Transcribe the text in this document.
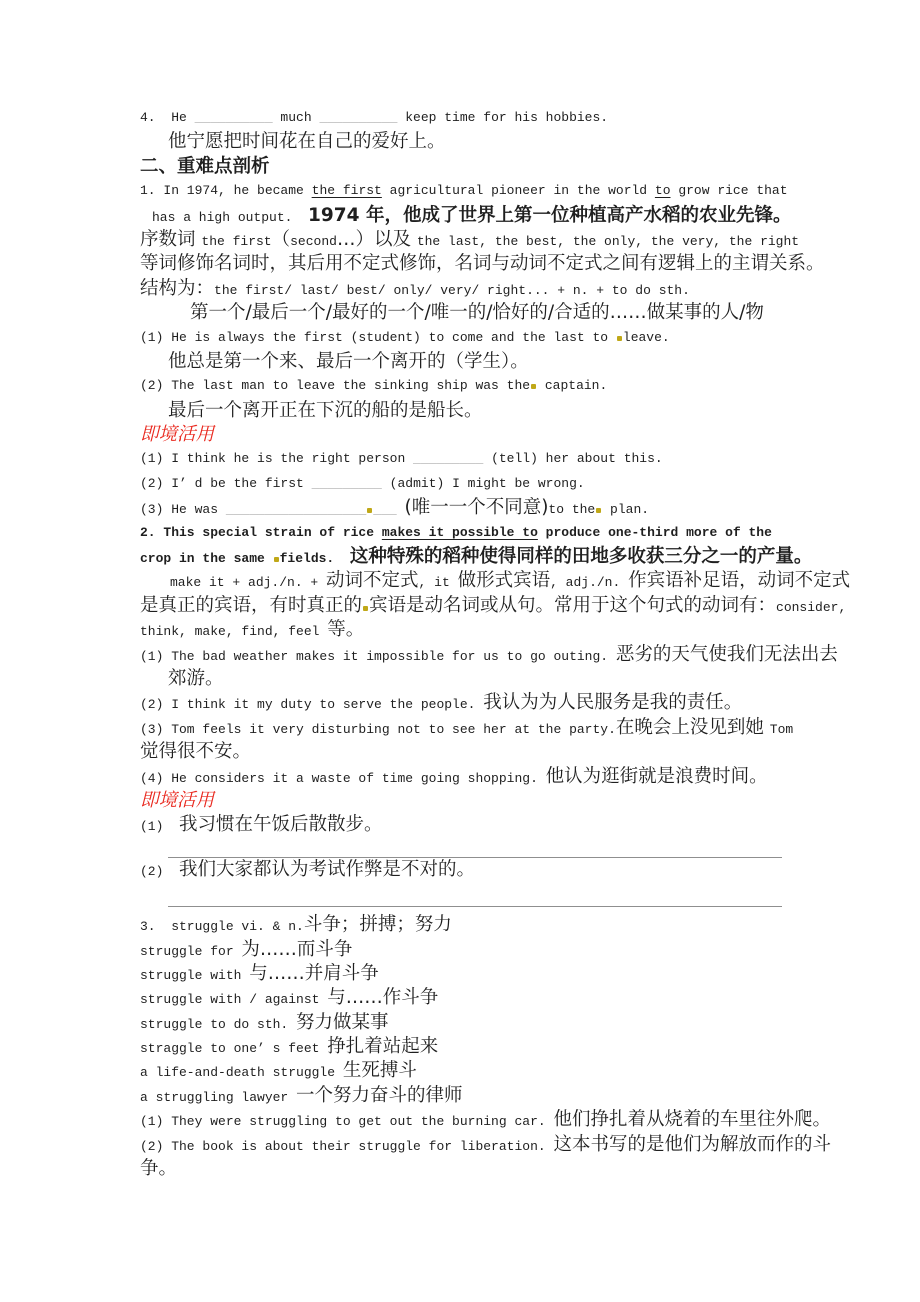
4.  He __________ much __________ keep time for his hobbies.
他宁愿把时间花在自己的爱好上。
二、重难点剖析
1. In 1974, he became the first agricultural pioneer in the world to grow rice that
has a high output.  1974 年，他成了世界上第一位种植高产水稻的农业先锋。
序数词 the first（second…）以及 the last, the best, the only, the very, the right
等词修饰名词时，其后用不定式修饰，名词与动词不定式之间有逻辑上的主谓关系。
结构为：the first/ last/ best/ only/ very/ right... + n. + to do sth.
第一个/最后一个/最好的一个/唯一的/恰好的/合适的……做某事的人/物
(1) He is always the first (student) to come and the last to leave.
他总是第一个来、最后一个离开的（学生）。
(2) The last man to leave the sinking ship was the captain.
最后一个离开正在下沉的船的是船长。
即境活用
(1) I think he is the right person _________ (tell) her about this.
(2) I’ d be the first _________ (admit) I might be wrong.
(3) He was __________________ ___ (唯一一个不同意)to the plan.
2. This special strain of rice makes it possible to produce one-third more of the
crop in the same fields.  这种特殊的稻种使得同样的田地多收获三分之一的产量。
make it + adj./n. + 动词不定式, it 做形式宾语, adj./n. 作宾语补足语，动词不定式
是真正的宾语，有时真正的 宾语是动名词或从句。常用于这个句式的动词有：consider,
think, make, find, feel 等。
(1) The bad weather makes it impossible for us to go outing. 恶劣的天气使我们无法出去
郊游。
(2) I think it my duty to serve the people. 我认为为人民服务是我的责任。
(3) Tom feels it very disturbing not to see her at the party.在晚会上没见到她 Tom
觉得很不安。
(4) He considers it a waste of time going shopping. 他认为逛街就是浪费时间。
即境活用
(1)  我习惯在午饭后散散步。
(2)  我们大家都认为考试作弊是不对的。
3.  struggle vi. & n.斗争；拼搏；努力
struggle for 为……而斗争
struggle with 与……并肩斗争
struggle with / against 与……作斗争
struggle to do sth. 努力做某事
straggle to one’ s feet 挣扎着站起来
a life-and-death struggle 生死搏斗
a struggling lawyer 一个努力奋斗的律师
(1) They were struggling to get out the burning car. 他们挣扎着从烧着的车里往外爬。
(2) The book is about their struggle for liberation. 这本书写的是他们为解放而作的斗
争。
